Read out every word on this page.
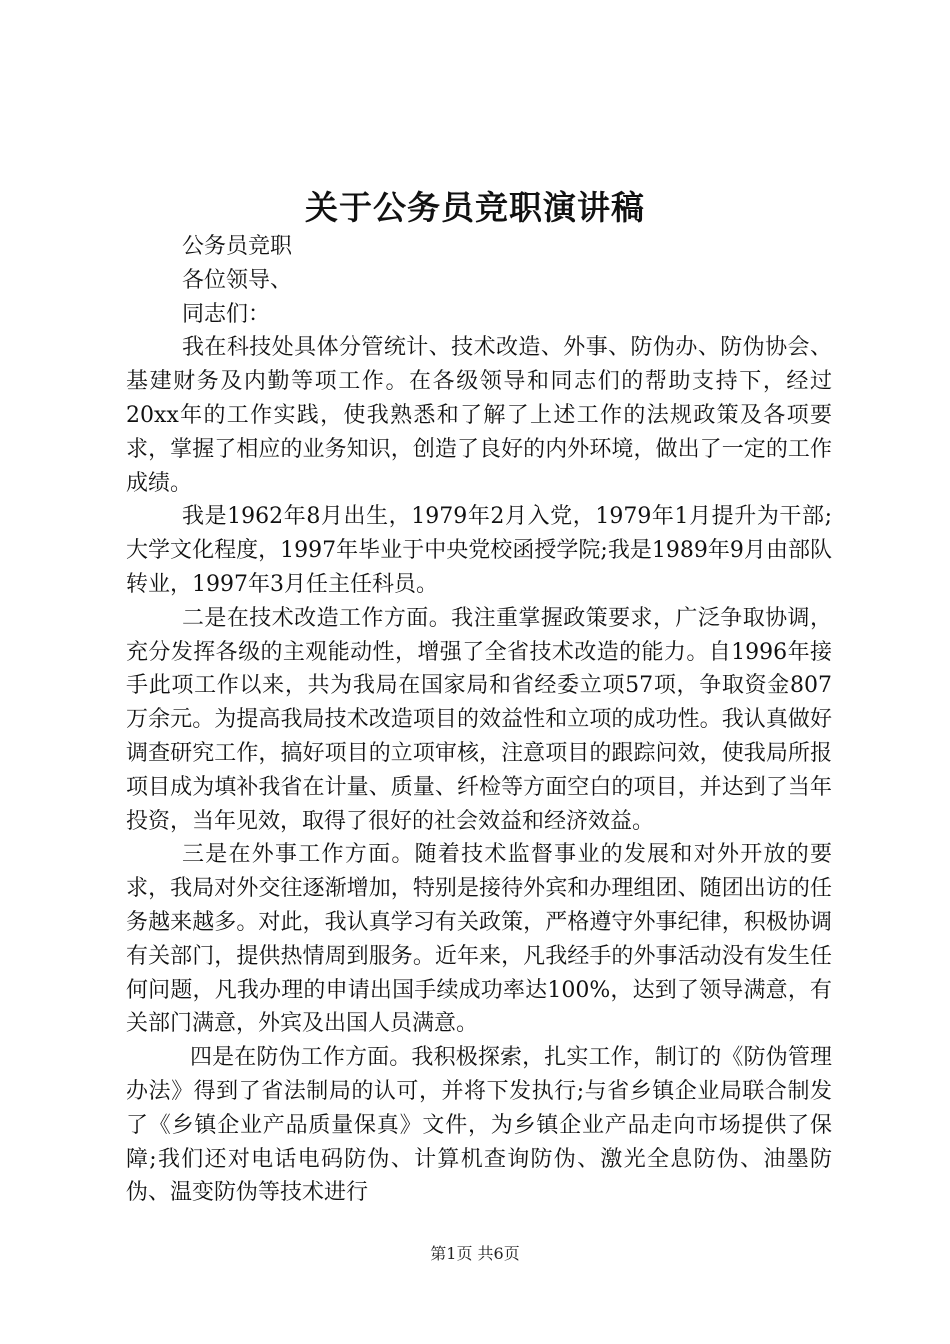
关于公务员竞职演讲稿
公务员竞职
各位领导、
同志们：

我在科技处具体分管统计、技术改造、外事、防伪办、防伪协会、基建财务及内勤等项工作。在各级领导和同志们的帮助支持下，经过20xx年的工作实践，使我熟悉和了解了上述工作的法规政策及各项要求，掌握了相应的业务知识，创造了良好的内外环境，做出了一定的工作成绩。

我是1962年8月出生，1979年2月入党，1979年1月提升为干部;大学文化程度，1997年毕业于中央党校函授学院;我是1989年9月由部队转业，1997年3月任主任科员。

二是在技术改造工作方面。我注重掌握政策要求，广泛争取协调，充分发挥各级的主观能动性，增强了全省技术改造的能力。自1996年接手此项工作以来，共为我局在国家局和省经委立项57项，争取资金807万余元。为提高我局技术改造项目的效益性和立项的成功性。我认真做好调查研究工作，搞好项目的立项审核，注意项目的跟踪问效，使我局所报项目成为填补我省在计量、质量、纤检等方面空白的项目，并达到了当年投资，当年见效，取得了很好的社会效益和经济效益。

三是在外事工作方面。随着技术监督事业的发展和对外开放的要求，我局对外交往逐渐增加，特别是接待外宾和办理组团、随团出访的任务越来越多。对此，我认真学习有关政策，严格遵守外事纪律，积极协调有关部门，提供热情周到服务。近年来，凡我经手的外事活动没有发生任何问题，凡我办理的申请出国手续成功率达100%，达到了领导满意，有关部门满意，外宾及出国人员满意。

四是在防伪工作方面。我积极探索，扎实工作，制订的《防伪管理办法》得到了省法制局的认可，并将下发执行;与省乡镇企业局联合制发了《乡镇企业产品质量保真》文件，为乡镇企业产品走向市场提供了保障;我们还对电话电码防伪、计算机查询防伪、激光全息防伪、油墨防伪、温变防伪等技术进行

第1页 共6页
